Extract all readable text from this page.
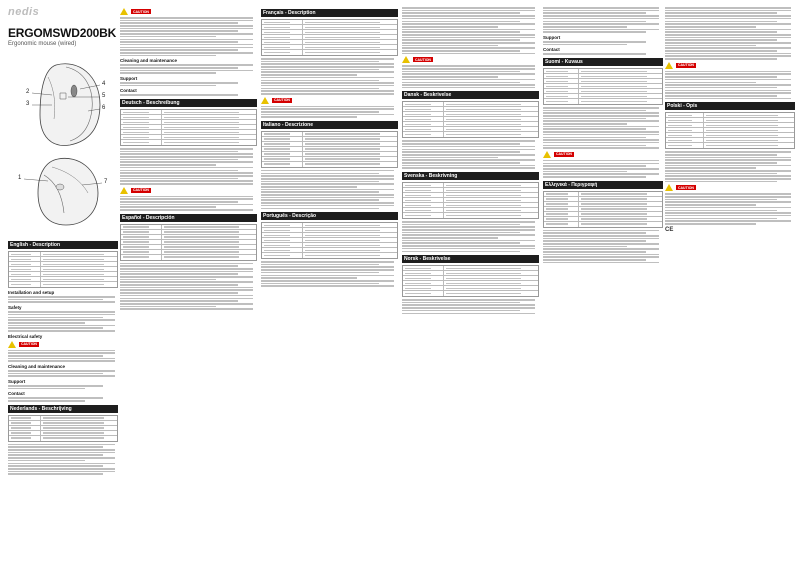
nedis
ERGOMSWD200BK
Ergonomic mouse (wired)
2
3
4
5
6
1
7
English - Description
Installation and setup
Safety
Electrical safety
CAUTION
Cleaning and maintenance
Support
Contact
Nederlands - Beschrijving
CAUTION
Cleaning and maintenance
Support
Contact
Deutsch - Beschreibung
CAUTION
Español - Descripción
Français - Description
CAUTION
Italiano - Descrizione
Português - Descrição
CAUTION
Dansk - Beskrivelse
Svenska - Beskrivning
Norsk - Beskrivelse
Support
Contact
Suomi - Kuvaus
CAUTION
Ελληνικά - Περιγραφή
CAUTION
Polski - Opis
CAUTION
CE
